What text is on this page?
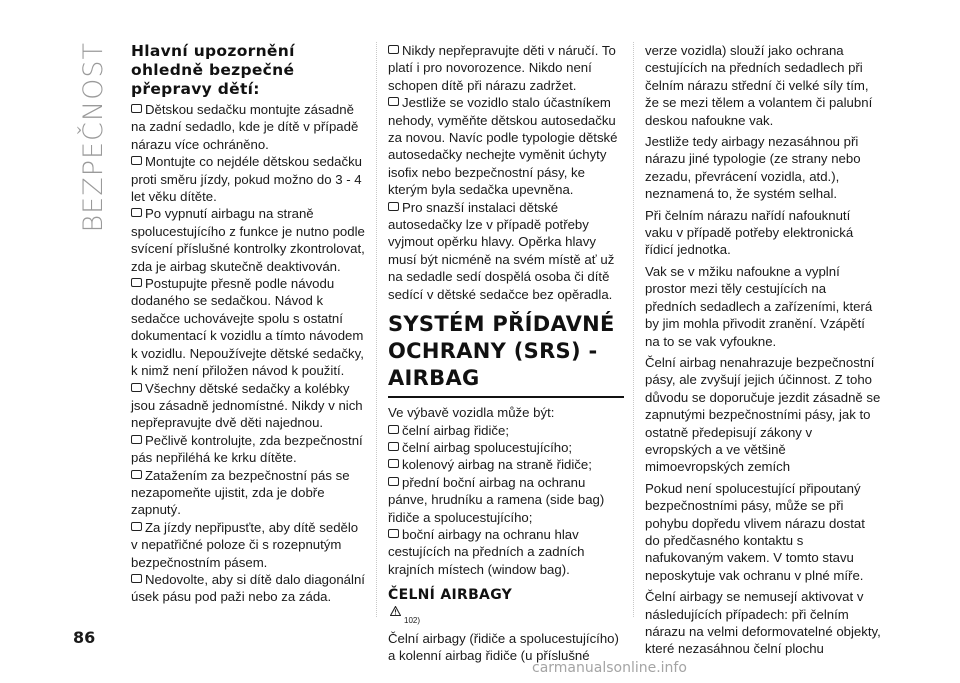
BEZPEČNOST Hlavní upozornění ohledně bezpečné přepravy dětí:

Dětskou sedačku montujte zásadně na zadní sedadlo, kde je dítě v případě nárazu více ochráněno.

Montujte co nejdéle dětskou sedačku proti směru jízdy, pokud možno do 3 - 4 let věku dítěte.

Po vypnutí airbagu na straně spolucestujícího z funkce je nutno podle svícení příslušné kontrolky zkontrolovat, zda je airbag skutečně deaktivován.

Postupujte přesně podle návodu dodaného se sedačkou. Návod k sedačce uchovávejte spolu s ostatní dokumentací k vozidlu a tímto návodem k vozidlu. Nepoužívejte dětské sedačky, k nimž není přiložen návod k použití.

Všechny dětské sedačky a kolébky jsou zásadně jednomístné. Nikdy v nich nepřepravujte dvě děti najednou.

Pečlivě kontrolujte, zda bezpečnostní pás nepřiléhá ke krku dítěte.

Zatažením za bezpečnostní pás se nezapomeňte ujistit, zda je dobře zapnutý.

Za jízdy nepřipusťte, aby dítě sedělo v nepatřičné poloze či s rozepnutým bezpečnostním pásem.

Nedovolte, aby si dítě dalo diagonální úsek pásu pod paži nebo za záda.

Nikdy nepřepravujte děti v náručí. To platí i pro novorozence. Nikdo není schopen dítě při nárazu zadržet.

Jestliže se vozidlo stalo účastníkem nehody, vyměňte dětskou autosedačku za novou. Navíc podle typologie dětské autosedačky nechejte vyměnit úchyty isofix nebo bezpečnostní pásy, ke kterým byla sedačka upevněna.

Pro snazší instalaci dětské autosedačky lze v případě potřeby vyjmout opěrku hlavy. Opěrka hlavy musí být nicméně na svém místě ať už na sedadle sedí dospělá osoba či dítě sedící v dětské sedačce bez opěradla.

SYSTÉM PŘÍDAVNÉ OCHRANY (SRS) - AIRBAG

Ve výbavě vozidla může být:

čelní airbag řidiče;

čelní airbag spolucestujícího;

kolenový airbag na straně řidiče;

přední boční airbag na ochranu pánve, hrudníku a ramena (side bag) řidiče a spolucestujícího;

boční airbagy na ochranu hlav cestujících na předních a zadních krajních místech (window bag).

ČELNÍ AIRBAGY
$^{102)}$

Čelní airbagy (řidiče a spolucestujícího) a kolenní airbag řidiče (u příslušné

verze vozidla) slouží jako ochrana cestujících na předních sedadlech při čelním nárazu střední či velké síly tím, že se mezi tělem a volantem či palubní deskou nafoukne vak.

Jestliže tedy airbagy nezasáhnou při nárazu jiné typologie (ze strany nebo zezadu, převrácení vozidla, atd.), neznamená to, že systém selhal.

Při čelním nárazu nařídí nafouknutí vaku v případě potřeby elektronická řídicí jednotka.

Vak se v mžiku nafoukne a vyplní prostor mezi těly cestujících na předních sedadlech a zařízeními, která by jim mohla přivodit zranění. Vzápětí na to se vak vyfoukne.

Čelní airbag nenahrazuje bezpečnostní pásy, ale zvyšují jejich účinnost. Z toho důvodu se doporučuje jezdit zásadně se zapnutými bezpečnostními pásy, jak to ostatně předepisují zákony v evropských a ve většině mimoevropských zemích

Pokud není spolucestující připoutaný bezpečnostními pásy, může se při pohybu dopředu vlivem nárazu dostat do předčasného kontaktu s nafukovaným vakem. V tomto stavu neposkytuje vak ochranu v plné míře.

Čelní airbagy se nemusejí aktivovat v následujících případech: při čelním nárazu na velmi deformovatelné objekty, které nezasáhnou čelní plochu

86
carmanualsonline.info
